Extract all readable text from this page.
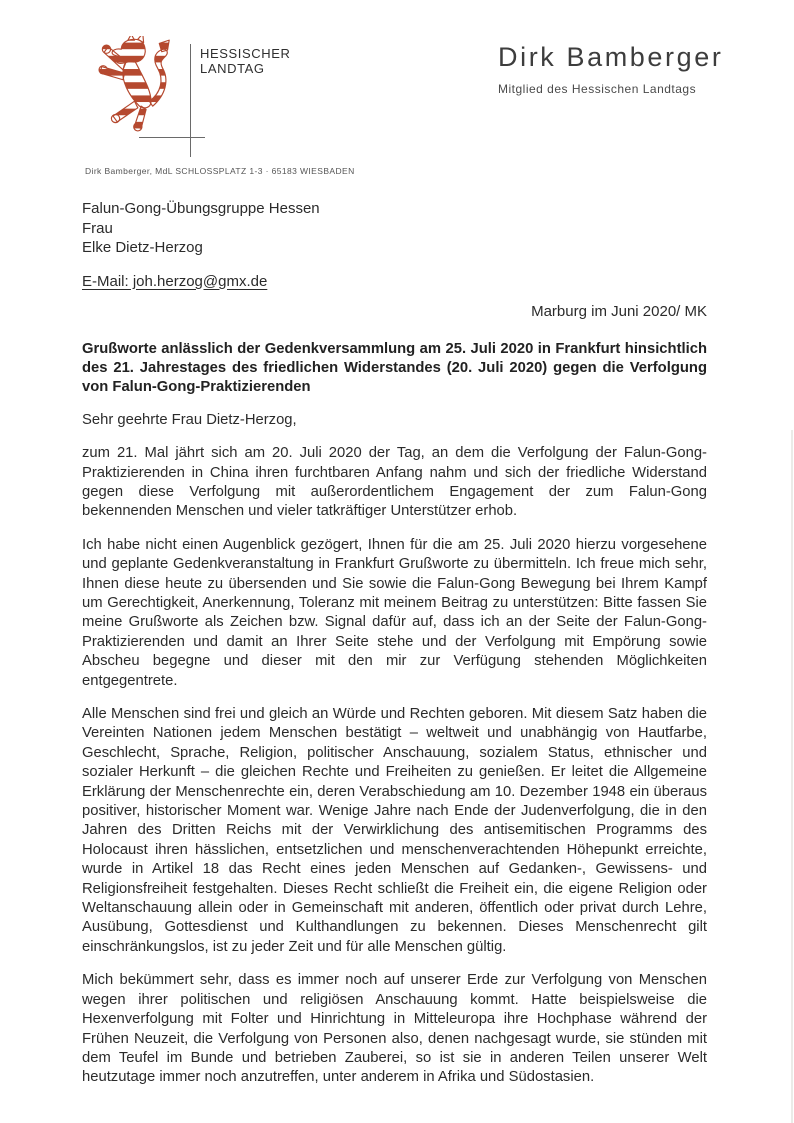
HESSISCHER
LANDTAG	Dirk Bamberger
Mitglied des Hessischen Landtags
Dirk Bamberger, MdL SCHLOSSPLATZ 1-3 · 65183 WIESBADEN
Falun-Gong-Übungsgruppe Hessen
Frau
Elke Dietz-Herzog
E-Mail: joh.herzog@gmx.de
Marburg im Juni 2020/ MK
Grußworte anlässlich der Gedenkversammlung am 25. Juli 2020 in Frankfurt hinsichtlich des 21. Jahrestages des friedlichen Widerstandes (20. Juli 2020) gegen die Verfolgung von Falun-Gong-Praktizierenden
Sehr geehrte Frau Dietz-Herzog,
zum 21. Mal jährt sich am 20. Juli 2020 der Tag, an dem die Verfolgung der Falun-Gong-Praktizierenden in China ihren furchtbaren Anfang nahm und sich der friedliche Widerstand gegen diese Verfolgung mit außerordentlichem Engagement der zum Falun-Gong bekennenden Menschen und vieler tatkräftiger Unterstützer erhob.
Ich habe nicht einen Augenblick gezögert, Ihnen für die am 25. Juli 2020 hierzu vorgesehene und geplante Gedenkveranstaltung in Frankfurt Grußworte zu übermitteln. Ich freue mich sehr, Ihnen diese heute zu übersenden und Sie sowie die Falun-Gong Bewegung bei Ihrem Kampf um Gerechtigkeit, Anerkennung, Toleranz mit meinem Beitrag zu unterstützen: Bitte fassen Sie meine Grußworte als Zeichen bzw. Signal dafür auf, dass ich an der Seite der Falun-Gong-Praktizierenden und damit an Ihrer Seite stehe und der Verfolgung mit Empörung sowie Abscheu begegne und dieser mit den mir zur Verfügung stehenden Möglichkeiten entgegentrete.
Alle Menschen sind frei und gleich an Würde und Rechten geboren. Mit diesem Satz haben die Vereinten Nationen jedem Menschen bestätigt – weltweit und unabhängig von Hautfarbe, Geschlecht, Sprache, Religion, politischer Anschauung, sozialem Status, ethnischer und sozialer Herkunft – die gleichen Rechte und Freiheiten zu genießen. Er leitet die Allgemeine Erklärung der Menschenrechte ein, deren Verabschiedung am 10. Dezember 1948 ein überaus positiver, historischer Moment war. Wenige Jahre nach Ende der Judenverfolgung, die in den Jahren des Dritten Reichs mit der Verwirklichung des antisemitischen Programms des Holocaust ihren hässlichen, entsetzlichen und menschenverachtenden Höhepunkt erreichte, wurde in Artikel 18 das Recht eines jeden Menschen auf Gedanken-, Gewissens- und Religionsfreiheit festgehalten. Dieses Recht schließt die Freiheit ein, die eigene Religion oder Weltanschauung allein oder in Gemeinschaft mit anderen, öffentlich oder privat durch Lehre, Ausübung, Gottesdienst und Kulthandlungen zu bekennen. Dieses Menschenrecht gilt einschränkungslos, ist zu jeder Zeit und für alle Menschen gültig.
Mich bekümmert sehr, dass es immer noch auf unserer Erde zur Verfolgung von Menschen wegen ihrer politischen und religiösen Anschauung kommt. Hatte beispielsweise die Hexenverfolgung mit Folter und Hinrichtung in Mitteleuropa ihre Hochphase während der Frühen Neuzeit, die Verfolgung von Personen also, denen nachgesagt wurde, sie stünden mit dem Teufel im Bunde und betrieben Zauberei, so ist sie in anderen Teilen unserer Welt heutzutage immer noch anzutreffen, unter anderem in Afrika und Südostasien.
